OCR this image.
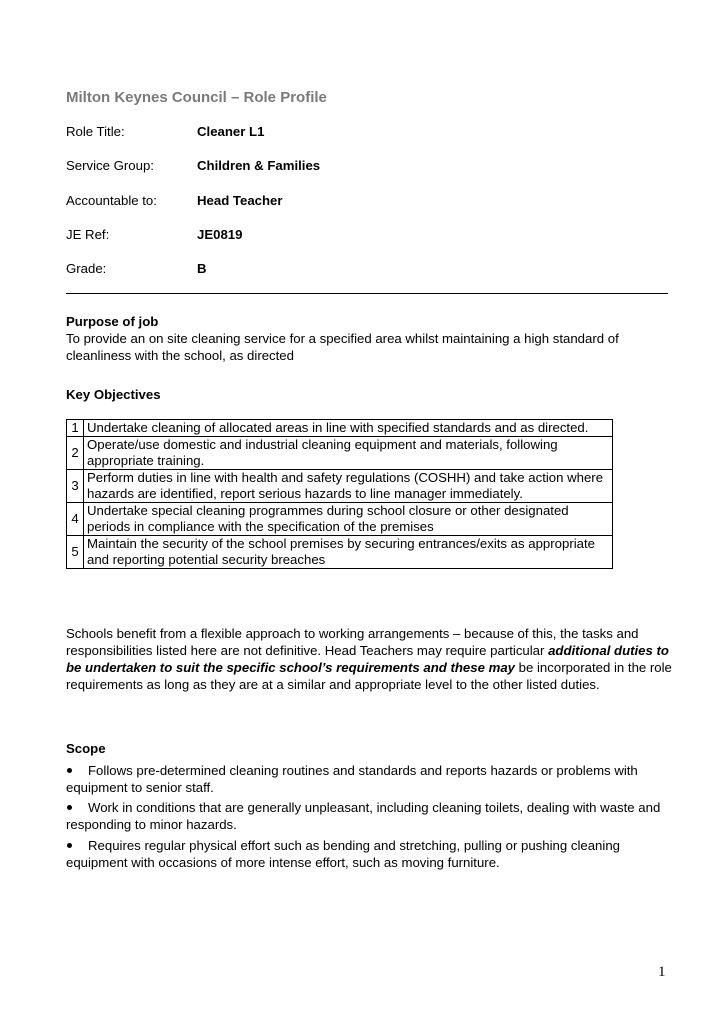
Milton Keynes Council – Role Profile
Role Title:	Cleaner L1
Service Group:	Children & Families
Accountable to:	Head Teacher
JE Ref:	JE0819
Grade:	B
Purpose of job
To provide an on site cleaning service for a specified area whilst maintaining a high standard of cleanliness with the school, as directed
Key Objectives
1	Undertake cleaning of allocated areas in line with specified standards and as directed.
2	Operate/use domestic and industrial cleaning equipment and materials, following appropriate training.
3	Perform duties in line with health and safety regulations (COSHH) and take action where hazards are identified, report serious hazards to line manager immediately.
4	Undertake special cleaning programmes during school closure or other designated periods in compliance with the specification of the premises
5	Maintain the security of the school premises by securing entrances/exits as appropriate and reporting potential security breaches
Schools benefit from a flexible approach to working arrangements – because of this, the tasks and responsibilities listed here are not definitive. Head Teachers may require particular additional duties to be undertaken to suit the specific school’s requirements and these may be incorporated in the role requirements as long as they are at a similar and appropriate level to the other listed duties.
Scope
Follows pre-determined cleaning routines and standards and reports hazards or problems with equipment to senior staff.
Work in conditions that are generally unpleasant, including cleaning toilets, dealing with waste and responding to minor hazards.
Requires regular physical effort such as bending and stretching, pulling or pushing cleaning equipment with occasions of more intense effort, such as moving furniture.
1
